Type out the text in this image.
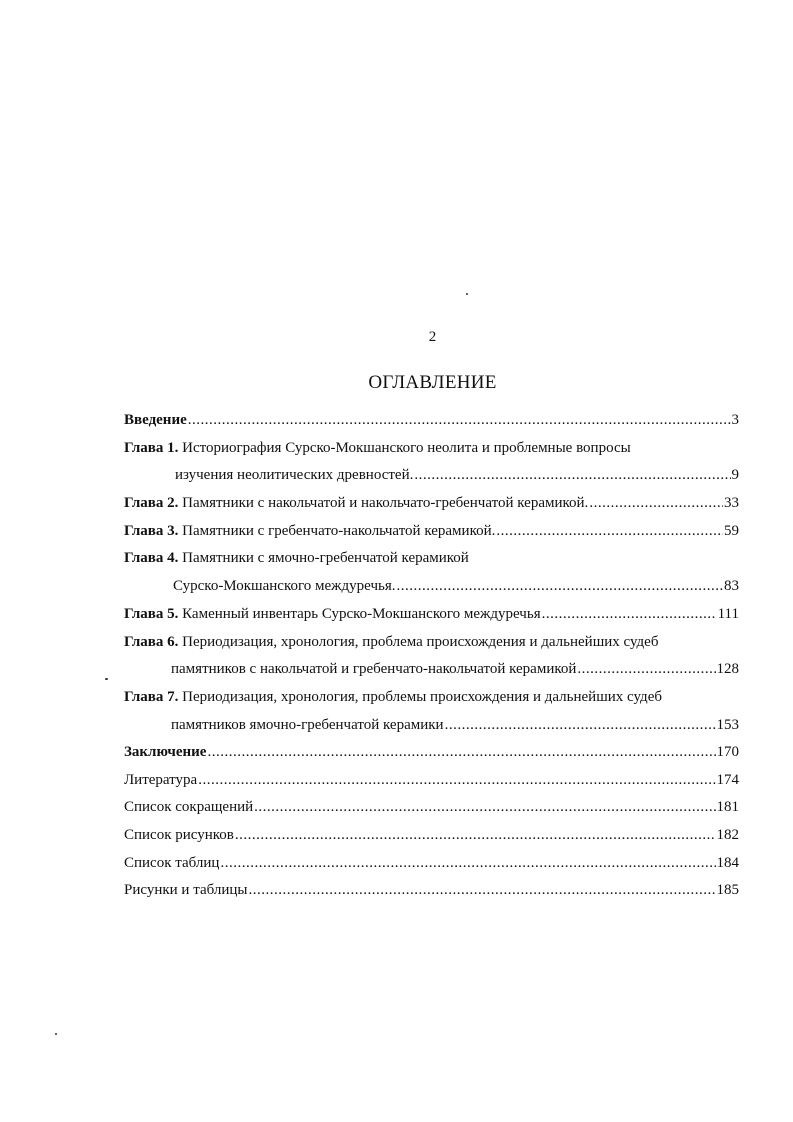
2
ОГЛАВЛЕНИЕ
Введение .....	3
Глава 1.
Историография Сурско-Мокшанского неолита и проблемные вопросы
изучения неолитических древностей. .....	9
Глава 2. Памятники с накольчатой и накольчато-гребенчатой керамикой. .....	33
Глава 3. Памятники с гребенчато-накольчатой керамикой. .....	59
Глава 4.
Памятники с ямочно-гребенчатой керамикой
Сурско-Мокшанского междуречья. .....	83
Глава 5. Каменный инвентарь Сурско-Мокшанского междуречья .....	111
Глава 6.
Периодизация, хронология, проблема происхождения и дальнейших судеб
памятников с накольчатой и гребенчато-накольчатой керамикой .....	128
Глава 7.
Периодизация, хронология, проблемы происхождения и дальнейших судеб
памятников ямочно-гребенчатой керамики .....	153
Заключение .....	170
Литература .....	174
Список сокращений .....	181
Список рисунков .....	182
Список таблиц .....	184
Рисунки и таблицы .....	185
